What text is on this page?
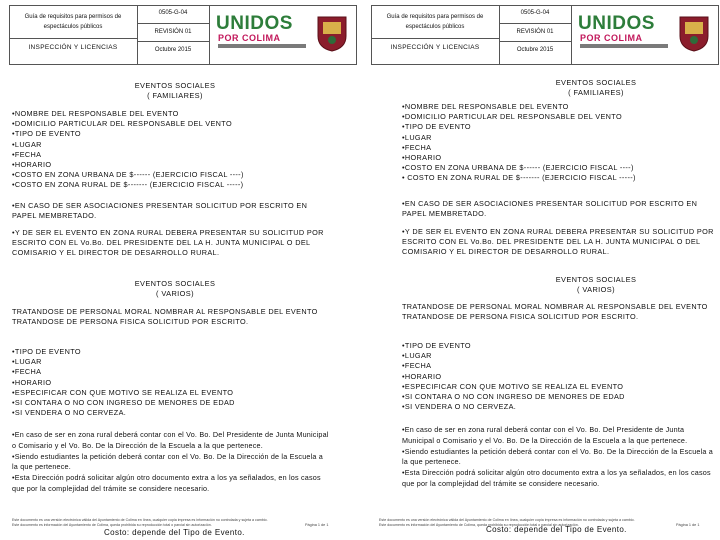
Guía de requisitos para permisos de espectáculos públicos
INSPECCIÓN Y LICENCIAS
0505-G-04
REVISIÓN 01
Octubre 2015
UNIDOS
POR COLIMA
EVENTOS SOCIALES
( FAMILIARES)
•NOMBRE DEL RESPONSABLE DEL EVENTO
•DOMICILIO PARTICULAR DEL RESPONSABLE DEL VENTO
•TIPO DE EVENTO
•LUGAR
•FECHA
•HORARIO
•COSTO EN ZONA URBANA DE $------ (EJERCICIO FISCAL ----)
•COSTO EN ZONA RURAL DE $------- (EJERCICIO FISCAL -----)
•EN CASO DE SER ASOCIACIONES PRESENTAR SOLICITUD POR ESCRITO EN PAPEL MEMBRETADO.
•Y DE SER EL EVENTO EN ZONA RURAL DEBERA PRESENTAR SU SOLICITUD POR ESCRITO CON EL Vo.Bo. DEL PRESIDENTE DEL LA H. JUNTA MUNICIPAL O DEL COMISARIO Y EL DIRECTOR DE DESARROLLO RURAL.
EVENTOS SOCIALES
( VARIOS)
TRATANDOSE DE PERSONAL MORAL NOMBRAR AL RESPONSABLE DEL EVENTO TRATANDOSE DE PERSONA FISICA SOLICITUD POR ESCRITO.
•TIPO DE EVENTO
•LUGAR
•FECHA
•HORARIO
•ESPECIFICAR CON QUE MOTIVO SE REALIZA EL EVENTO
•SI CONTARA O NO CON INGRESO DE MENORES DE EDAD
•SI VENDERA O NO CERVEZA.
•En caso de ser en zona rural deberá contar con el Vo. Bo. Del Presidente de Junta Municipal o Comisario y el Vo. Bo. De la Dirección de la Escuela a la que pertenece.
•Siendo estudiantes la petición deberá contar con el Vo. Bo. De la Dirección de la Escuela a la que pertenece.
•Esta Dirección podrá solicitar algún otro documento extra a los ya señalados, en los casos que por la complejidad del trámite se considere necesario.
Este documento es una versión electrónica válida del Ayuntamiento de Colima en línea, cualquier copia impresa es información no controlada y sujeta a cambio.
Este documento es información del Ayuntamiento de Colima, queda prohibida su reproducción total o parcial sin autorización.	Página 1 de 1
Costo: depende del Tipo de Evento.
Guía de requisitos para permisos de espectáculos públicos
INSPECCIÓN Y LICENCIAS
0505-G-04
REVISIÓN 01
Octubre 2015
UNIDOS
POR COLIMA
EVENTOS SOCIALES
( FAMILIARES)
•NOMBRE DEL RESPONSABLE DEL EVENTO
•DOMICILIO PARTICULAR DEL RESPONSABLE DEL VENTO
•TIPO DE EVENTO
•LUGAR
•FECHA
•HORARIO
•COSTO EN ZONA URBANA DE $------ (EJERCICIO FISCAL ----)
• COSTO EN ZONA RURAL DE $------- (EJERCICIO FISCAL -----)
•EN CASO DE SER ASOCIACIONES PRESENTAR SOLICITUD POR ESCRITO EN PAPEL MEMBRETADO.
•Y DE SER EL EVENTO EN ZONA RURAL DEBERA PRESENTAR SU SOLICITUD POR ESCRITO CON EL Vo.Bo. DEL PRESIDENTE DEL LA H. JUNTA MUNICIPAL O DEL COMISARIO Y EL DIRECTOR DE DESARROLLO RURAL.
EVENTOS SOCIALES
( VARIOS)
TRATANDOSE DE PERSONAL MORAL NOMBRAR AL RESPONSABLE DEL EVENTO TRATANDOSE DE PERSONA FISICA SOLICITUD POR ESCRITO.
•TIPO DE EVENTO
•LUGAR
•FECHA
•HORARIO
•ESPECIFICAR CON QUE MOTIVO SE REALIZA EL EVENTO
•SI CONTARA O NO CON INGRESO DE MENORES DE EDAD
•SI VENDERA O NO CERVEZA.
•En caso de ser en zona rural deberá contar con el Vo. Bo. Del Presidente de Junta Municipal o Comisario y el Vo. Bo. De la Dirección de la Escuela a la que pertenece.
•Siendo estudiantes la petición deberá contar con el Vo. Bo. De la Dirección de la Escuela a la que pertenece.
•Esta Dirección podrá solicitar algún otro documento extra a los ya señalados, en los casos que por la complejidad del trámite se considere necesario.
Este documento es una versión electrónica válida del Ayuntamiento de Colima en línea, cualquier copia impresa es información no controlada y sujeta a cambio.
Este documento es información del Ayuntamiento de Colima, queda prohibida su reproducción total o parcial sin autorización.	Página 1 de 1
Costo: depende del Tipo de Evento.
